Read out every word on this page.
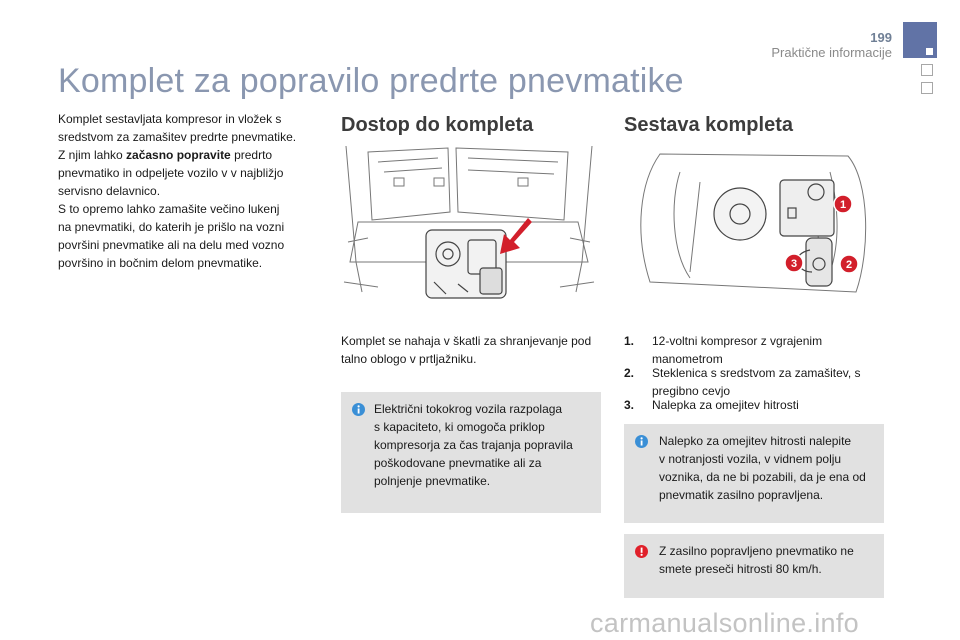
199
Praktične informacije
Komplet za popravilo predrte pnevmatike
Komplet sestavljata kompresor in vložek s
sredstvom za zamašitev predrte pnevmatike.
Z njim lahko začasno popravite predrto
pnevmatiko in odpeljete vozilo v v najbližjo
servisno delavnico.
S to opremo lahko zamašite večino lukenj
na pnevmatiki, do katerih je prišlo na vozni
površini pnevmatike ali na delu med vozno
površino in bočnim delom pnevmatike.
Dostop do kompleta
Komplet se nahaja v škatli za shranjevanje pod
talno oblogo v prtljažniku.
Električni tokokrog vozila razpolaga
s kapaciteto, ki omogoča priklop
kompresorja za čas trajanja popravila
poškodovane pnevmatike ali za
polnjenje pnevmatike.
Sestava kompleta
1
2
3
1. 12-voltni kompresor z vgrajenim
manometrom
2. Steklenica s sredstvom za zamašitev, s
pregibno cevjo
3. Nalepka za omejitev hitrosti
Nalepko za omejitev hitrosti nalepite
v notranjosti vozila, v vidnem polju
voznika, da ne bi pozabili, da je ena od
pnevmatik zasilno popravljena.
Z zasilno popravljeno pnevmatiko ne
smete preseči hitrosti 80 km/h.
carmanualsonline.info
